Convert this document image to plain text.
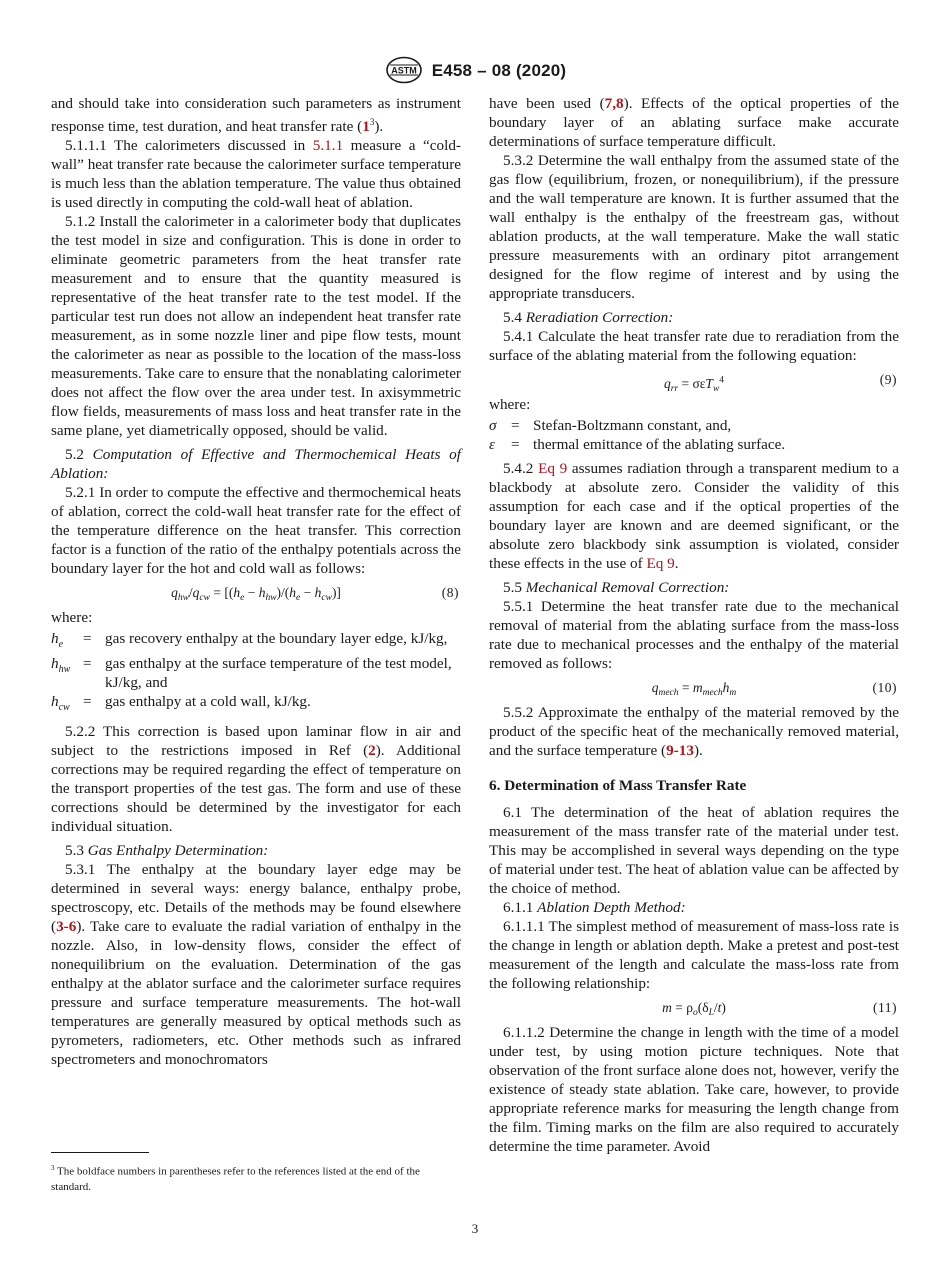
ASTM E458 – 08 (2020)

and should take into consideration such parameters as instrument response time, test duration, and heat transfer rate (1$^3$).

5.1.1.1 The calorimeters discussed in 5.1.1 measure a “cold-wall” heat transfer rate because the calorimeter surface temperature is much less than the ablation temperature. The value thus obtained is used directly in computing the cold-wall heat of ablation.

5.1.2 Install the calorimeter in a calorimeter body that duplicates the test model in size and configuration. This is done in order to eliminate geometric parameters from the heat transfer rate measurement and to ensure that the quantity measured is representative of the heat transfer rate to the test model. If the particular test run does not allow an independent heat transfer rate measurement, as in some nozzle liner and pipe flow tests, mount the calorimeter as near as possible to the location of the mass-loss measurements. Take care to ensure that the nonablating calorimeter does not affect the flow over the area under test. In axisymmetric flow fields, measurements of mass loss and heat transfer rate in the same plane, yet diametrically opposed, should be valid.

5.2 Computation of Effective and Thermochemical Heats of Ablation:

5.2.1 In order to compute the effective and thermochemical heats of ablation, correct the cold-wall heat transfer rate for the effect of the temperature difference on the heat transfer. This correction factor is a function of the ratio of the enthalpy potentials across the boundary layer for the hot and cold wall as follows:

$q_{hw}/q_{cw} = [(h_e - h_{hw})/(h_e - h_{cw})]$	(8)

where:

$h_e$	= gas recovery enthalpy at the boundary layer edge, kJ/kg,
$h_{hw}$ = gas enthalpy at the surface temperature of the test model, kJ/kg, and
$h_{cw}$ = gas enthalpy at a cold wall, kJ/kg.

5.2.2 This correction is based upon laminar flow in air and subject to the restrictions imposed in Ref (2). Additional corrections may be required regarding the effect of temperature on the transport properties of the test gas. The form and use of these corrections should be determined by the investigator for each individual situation.

5.3 Gas Enthalpy Determination:

5.3.1 The enthalpy at the boundary layer edge may be determined in several ways: energy balance, enthalpy probe, spectroscopy, etc. Details of the methods may be found elsewhere (3-6). Take care to evaluate the radial variation of enthalpy in the nozzle. Also, in low-density flows, consider the effect of nonequilibrium on the evaluation. Determination of the gas enthalpy at the ablator surface and the calorimeter surface requires pressure and surface temperature measurements. The hot-wall temperatures are generally measured by optical methods such as pyrometers, radiometers, etc. Other methods such as infrared spectrometers and monochromators

have been used (7,8). Effects of the optical properties of the boundary layer of an ablating surface make accurate determinations of surface temperature difficult.

5.3.2 Determine the wall enthalpy from the assumed state of the gas flow (equilibrium, frozen, or nonequilibrium), if the pressure and the wall temperature are known. It is further assumed that the wall enthalpy is the enthalpy of the freestream gas, without ablation products, at the wall temperature. Make the wall static pressure measurements with an ordinary pitot arrangement designed for the flow regime of interest and by using the appropriate transducers.

5.4 Reradiation Correction:

5.4.1 Calculate the heat transfer rate due to reradiation from the surface of the ablating material from the following equation:

$q_{rr} = \sigma\varepsilon T_w^4$	(9)

where:

σ = Stefan-Boltzmann constant, and,
ε	= thermal emittance of the ablating surface.

5.4.2 Eq 9 assumes radiation through a transparent medium to a blackbody at absolute zero. Consider the validity of this assumption for each case and if the optical properties of the boundary layer are known and are deemed significant, or the absolute zero blackbody sink assumption is violated, consider these effects in the use of Eq 9.

5.5 Mechanical Removal Correction:

5.5.1 Determine the heat transfer rate due to the mechanical removal of material from the ablating surface from the mass-loss rate due to mechanical processes and the enthalpy of the material removed as follows:

$q_{mech} = m_{mech}h_m$	(10)

5.5.2 Approximate the enthalpy of the material removed by the product of the specific heat of the mechanically removed material, and the surface temperature (9-13).

6. Determination of Mass Transfer Rate

6.1 The determination of the heat of ablation requires the measurement of the mass transfer rate of the material under test. This may be accomplished in several ways depending on the type of material under test. The heat of ablation value can be affected by the choice of method.

6.1.1 Ablation Depth Method:

6.1.1.1 The simplest method of measurement of mass-loss rate is the change in length or ablation depth. Make a pretest and post-test measurement of the length and calculate the mass-loss rate from the following relationship:

$m = \rho_o(\delta_L/t)$	(11)

6.1.1.2 Determine the change in length with the time of a model under test, by using motion picture techniques. Note that observation of the front surface alone does not, however, verify the existence of steady state ablation. Take care, however, to provide appropriate reference marks for measuring the length change from the film. Timing marks on the film are also required to accurately determine the time parameter. Avoid

$^3$ The boldface numbers in parentheses refer to the references listed at the end of the standard.
3
